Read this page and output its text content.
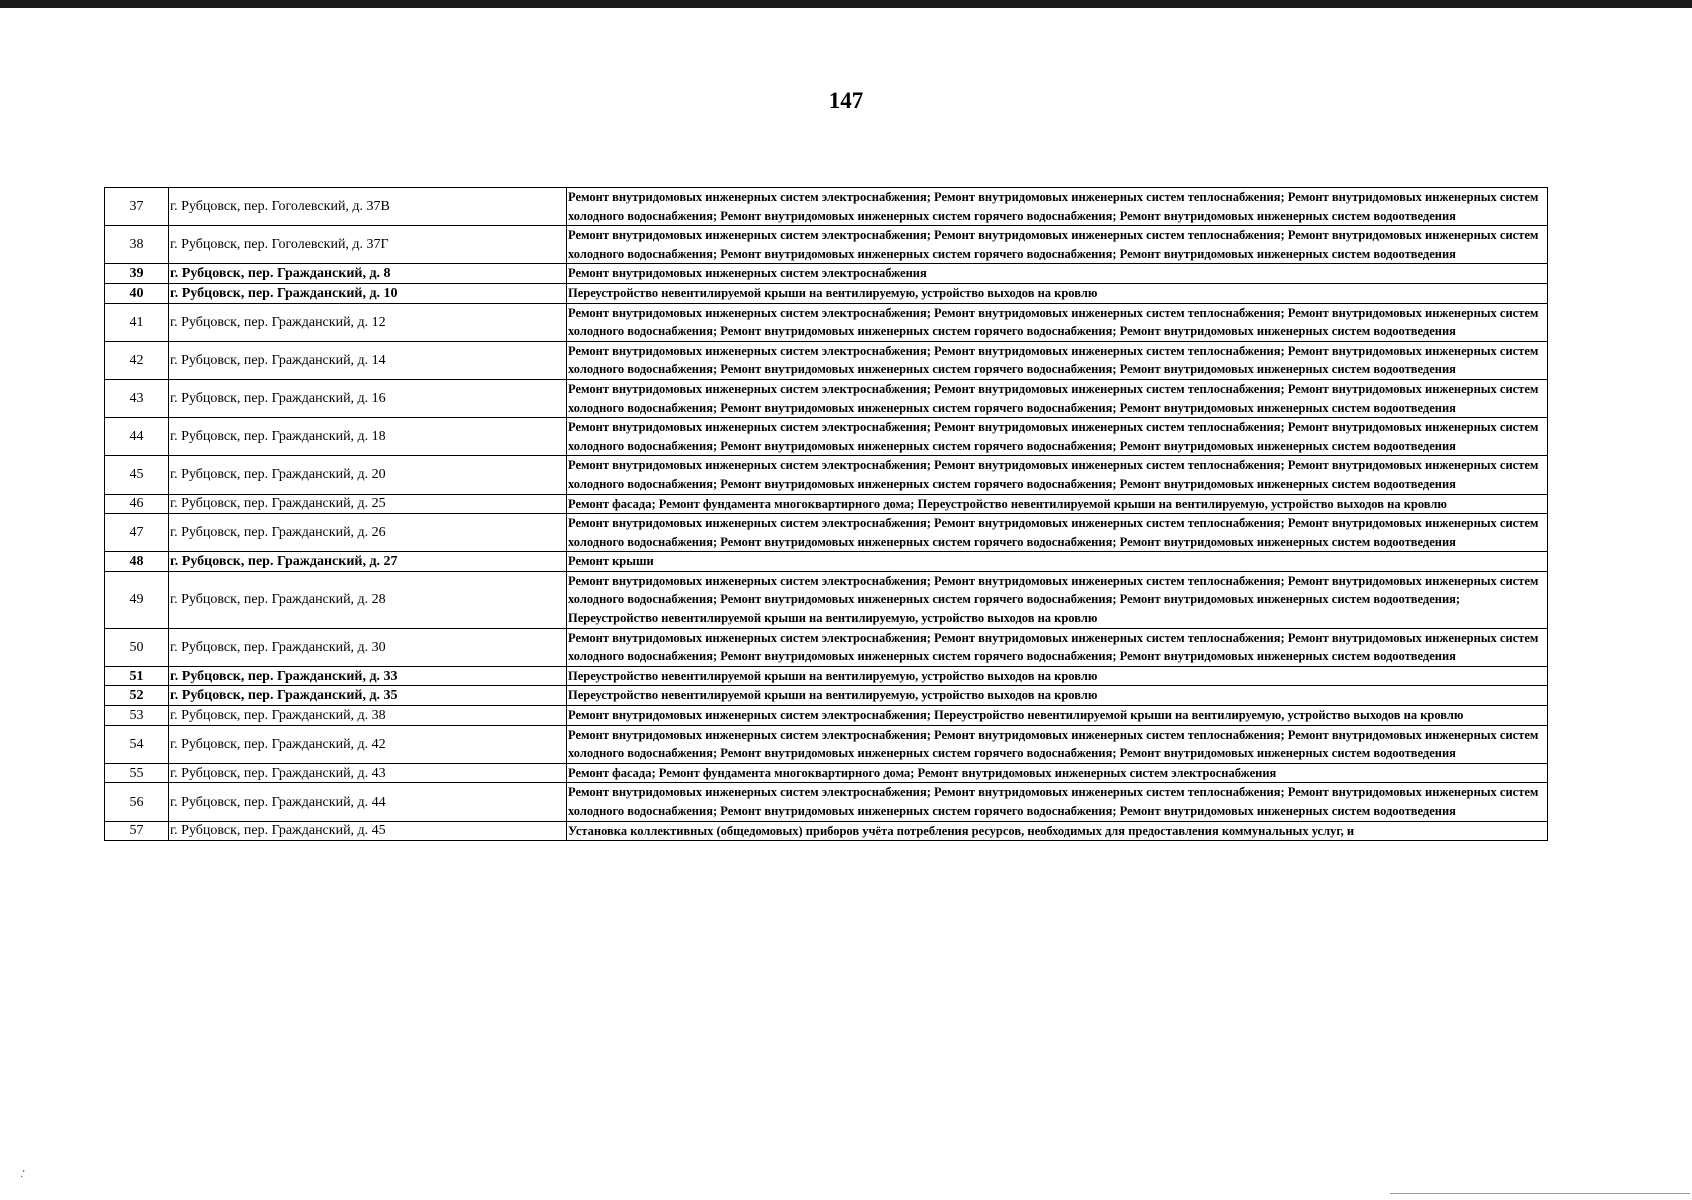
147
37	г. Рубцовск, пер. Гоголевский, д. 37В	Ремонт внутридомовых инженерных систем электроснабжения; Ремонт внутридомовых инженерных систем теплоснабжения; Ремонт внутридомовых инженерных систем холодного водоснабжения; Ремонт внутридомовых инженерных систем горячего водоснабжения; Ремонт внутридомовых инженерных систем водоотведения
38	г. Рубцовск, пер. Гоголевский, д. 37Г	Ремонт внутридомовых инженерных систем электроснабжения; Ремонт внутридомовых инженерных систем теплоснабжения; Ремонт внутридомовых инженерных систем холодного водоснабжения; Ремонт внутридомовых инженерных систем горячего водоснабжения; Ремонт внутридомовых инженерных систем водоотведения
39	г. Рубцовск, пер. Гражданский, д. 8	Ремонт внутридомовых инженерных систем электроснабжения
40	г. Рубцовск, пер. Гражданский, д. 10	Переустройство невентилируемой крыши на вентилируемую, устройство выходов на кровлю
41	г. Рубцовск, пер. Гражданский, д. 12	Ремонт внутридомовых инженерных систем электроснабжения; Ремонт внутридомовых инженерных систем теплоснабжения; Ремонт внутридомовых инженерных систем холодного водоснабжения; Ремонт внутридомовых инженерных систем горячего водоснабжения; Ремонт внутридомовых инженерных систем водоотведения
42	г. Рубцовск, пер. Гражданский, д. 14	Ремонт внутридомовых инженерных систем электроснабжения; Ремонт внутридомовых инженерных систем теплоснабжения; Ремонт внутридомовых инженерных систем холодного водоснабжения; Ремонт внутридомовых инженерных систем горячего водоснабжения; Ремонт внутридомовых инженерных систем водоотведения
43	г. Рубцовск, пер. Гражданский, д. 16	Ремонт внутридомовых инженерных систем электроснабжения; Ремонт внутридомовых инженерных систем теплоснабжения; Ремонт внутридомовых инженерных систем холодного водоснабжения; Ремонт внутридомовых инженерных систем горячего водоснабжения; Ремонт внутридомовых инженерных систем водоотведения
44	г. Рубцовск, пер. Гражданский, д. 18	Ремонт внутридомовых инженерных систем электроснабжения; Ремонт внутридомовых инженерных систем теплоснабжения; Ремонт внутридомовых инженерных систем холодного водоснабжения; Ремонт внутридомовых инженерных систем горячего водоснабжения; Ремонт внутридомовых инженерных систем водоотведения
45	г. Рубцовск, пер. Гражданский, д. 20	Ремонт внутридомовых инженерных систем электроснабжения; Ремонт внутридомовых инженерных систем теплоснабжения; Ремонт внутридомовых инженерных систем холодного водоснабжения; Ремонт внутридомовых инженерных систем горячего водоснабжения; Ремонт внутридомовых инженерных систем водоотведения
46	г. Рубцовск, пер. Гражданский, д. 25	Ремонт фасада; Ремонт фундамента многоквартирного дома; Переустройство невентилируемой крыши на вентилируемую, устройство выходов на кровлю
47	г. Рубцовск, пер. Гражданский, д. 26	Ремонт внутридомовых инженерных систем электроснабжения; Ремонт внутридомовых инженерных систем теплоснабжения; Ремонт внутридомовых инженерных систем холодного водоснабжения; Ремонт внутридомовых инженерных систем горячего водоснабжения; Ремонт внутридомовых инженерных систем водоотведения
48	г. Рубцовск, пер. Гражданский, д. 27	Ремонт крыши
49	г. Рубцовск, пер. Гражданский, д. 28	Ремонт внутридомовых инженерных систем электроснабжения; Ремонт внутридомовых инженерных систем теплоснабжения; Ремонт внутридомовых инженерных систем холодного водоснабжения; Ремонт внутридомовых инженерных систем горячего водоснабжения; Ремонт внутридомовых инженерных систем водоотведения; Переустройство невентилируемой крыши на вентилируемую, устройство выходов на кровлю
50	г. Рубцовск, пер. Гражданский, д. 30	Ремонт внутридомовых инженерных систем электроснабжения; Ремонт внутридомовых инженерных систем теплоснабжения; Ремонт внутридомовых инженерных систем холодного водоснабжения; Ремонт внутридомовых инженерных систем горячего водоснабжения; Ремонт внутридомовых инженерных систем водоотведения
51	г. Рубцовск, пер. Гражданский, д. 33	Переустройство невентилируемой крыши на вентилируемую, устройство выходов на кровлю
52	г. Рубцовск, пер. Гражданский, д. 35	Переустройство невентилируемой крыши на вентилируемую, устройство выходов на кровлю
53	г. Рубцовск, пер. Гражданский, д. 38	Ремонт внутридомовых инженерных систем электроснабжения; Переустройство невентилируемой крыши на вентилируемую, устройство выходов на кровлю
54	г. Рубцовск, пер. Гражданский, д. 42	Ремонт внутридомовых инженерных систем электроснабжения; Ремонт внутридомовых инженерных систем теплоснабжения; Ремонт внутридомовых инженерных систем холодного водоснабжения; Ремонт внутридомовых инженерных систем горячего водоснабжения; Ремонт внутридомовых инженерных систем водоотведения
55	г. Рубцовск, пер. Гражданский, д. 43	Ремонт фасада; Ремонт фундамента многоквартирного дома; Ремонт внутридомовых инженерных систем электроснабжения
56	г. Рубцовск, пер. Гражданский, д. 44	Ремонт внутридомовых инженерных систем электроснабжения; Ремонт внутридомовых инженерных систем теплоснабжения; Ремонт внутридомовых инженерных систем холодного водоснабжения; Ремонт внутридомовых инженерных систем горячего водоснабжения; Ремонт внутридомовых инженерных систем водоотведения
57	г. Рубцовск, пер. Гражданский, д. 45	Установка коллективных (общедомовых) приборов учёта потребления ресурсов, необходимых для предоставления коммунальных услуг, и
⸱̣
